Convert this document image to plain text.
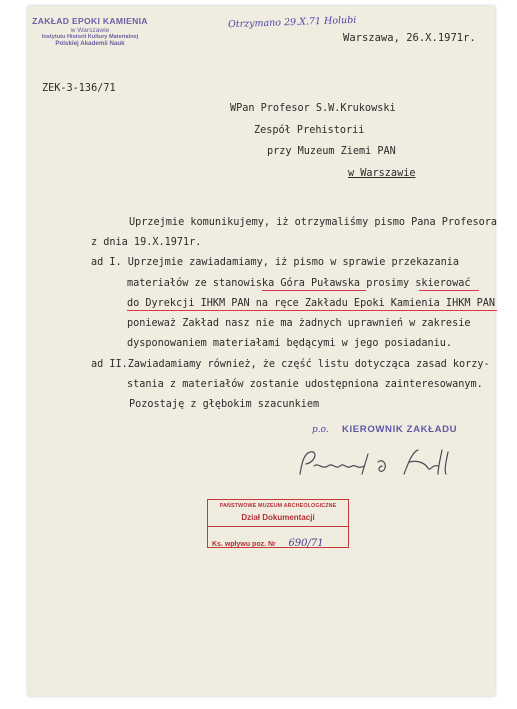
ZAKŁAD EPOKI KAMIENIA
w Warszawie
Instytutu Historii Kultury Materialnej
Polskiej Akademii Nauk
Otrzymano 29.X.71 Holubi
Warszawa, 26.X.1971r.
ZEK-3-136/71
WPan Profesor S.W.Krukowski
Zespół Prehistorii
przy Muzeum Ziemi PAN
w Warszawie
Uprzejmie komunikujemy, iż otrzymaliśmy pismo Pana Profesora
z dnia 19.X.1971r.
ad I. Uprzejmie zawiadamiamy, iż pismo w sprawie przekazania
materiałów ze stanowiska Góra Puławska prosimy skierować
do Dyrekcji IHKM PAN na ręce Zakładu Epoki Kamienia IHKM PAN
ponieważ Zakład nasz nie ma żadnych uprawnień w zakresie
dysponowaniem materiałami będącymi w jego posiadaniu.
ad II.Zawiadamiamy również, że część listu dotycząca zasad korzy-
stania z materiałów zostanie udostępniona zainteresowanym.
Pozostaję z głębokim szacunkiem
p.o. KIEROWNIK ZAKŁADU
PAŃSTWOWE MUZEUM ARCHEOLOGICZNE
Dział Dokumentacji
Ks. wpływu poz. Nr 690/71
